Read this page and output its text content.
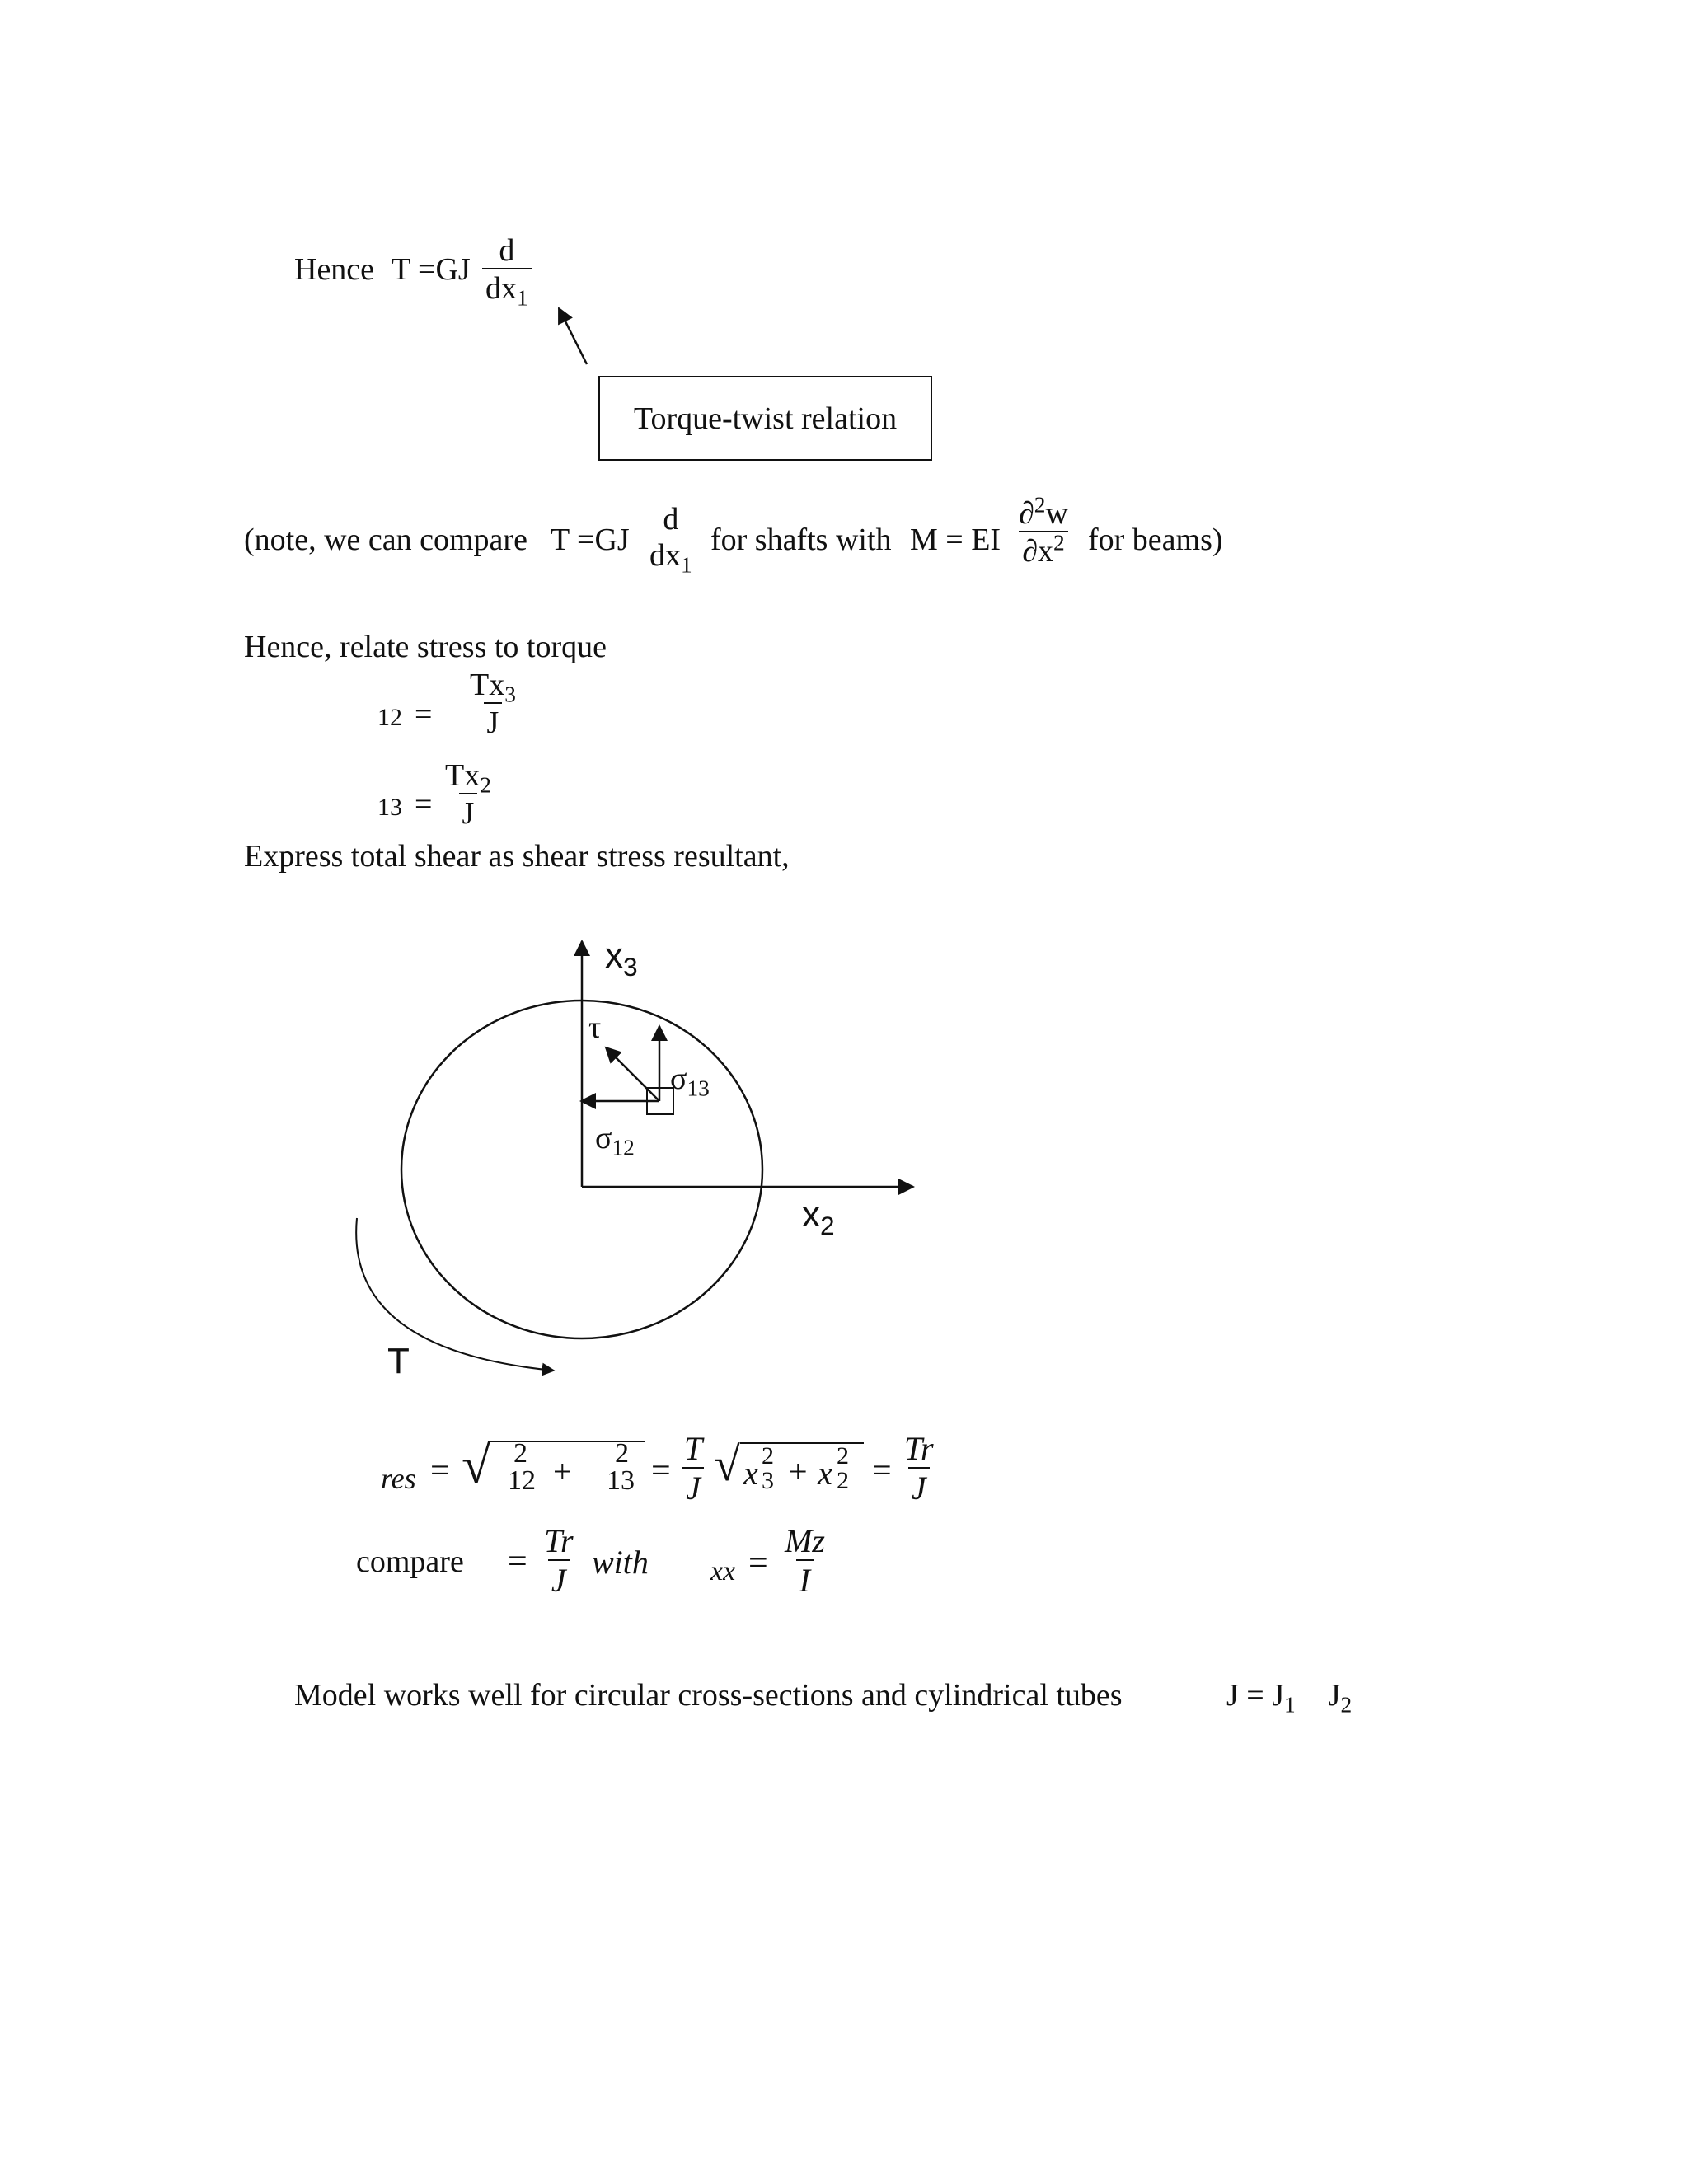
Hence $T =GJ \frac{d}{dx_1}$
Torque-twist relation
(note, we can compare T =GJ
d
$dx_1$
for shafts with M = EI $\frac{\partial^2w}{\partial x^2}$ for beams)
Hence, relate stress to torque
$12 = \frac{Tx_3}{J}$
$13 = \frac{Tx_2}{J}$
Express total shear as shear stress resultant,
$x_3$
τ
$\sigma_{13}$
$\sigma_{12}$
$x_2$
T
res = √ 2
12 + 2
$13 = \frac{T}{J}$ √ x 2
3 + x 2
$2 = \frac{Tr}{J}$
compare = $\frac{Tr}{J}$ with xx = $\frac{Mz}{I}$
Model works well for circular cross-sections and cylindrical tubes	$J = J_1$ $J_2$
